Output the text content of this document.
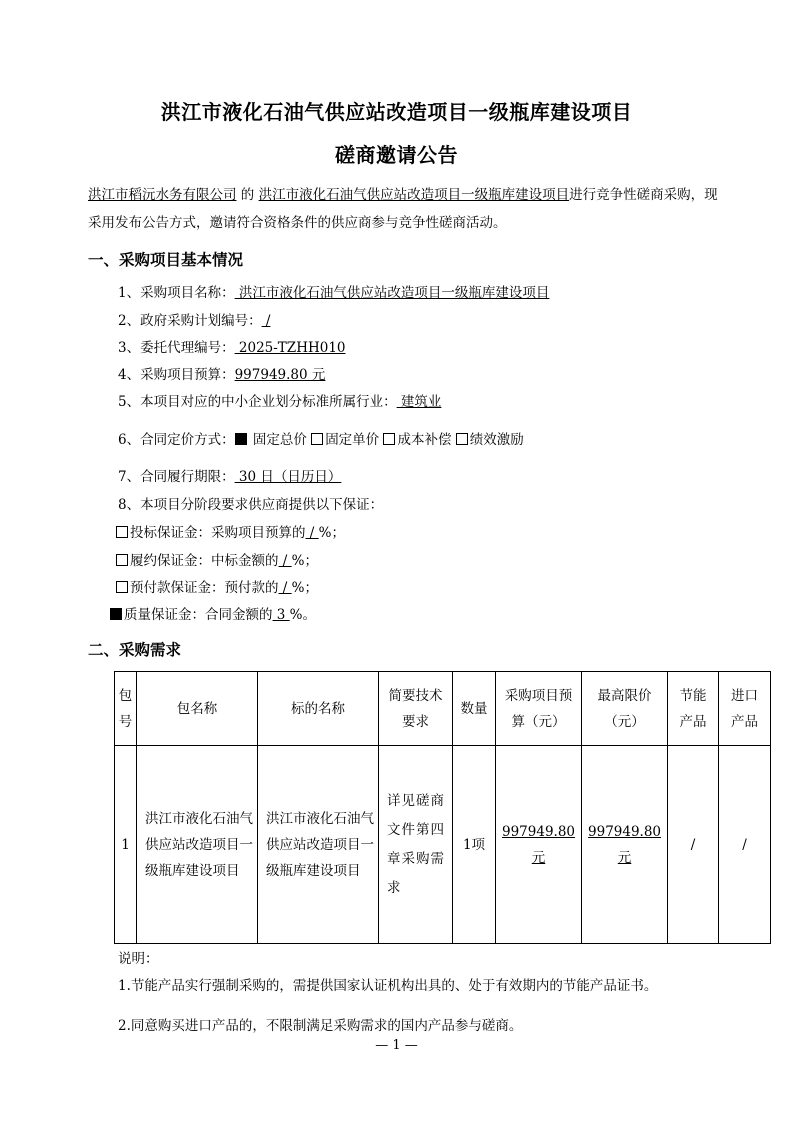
洪江市液化石油气供应站改造项目一级瓶库建设项目
磋商邀请公告
洪江市稻沅水务有限公司 的 洪江市液化石油气供应站改造项目一级瓶库建设项目进行竞争性磋商采购，现采用发布公告方式，邀请符合资格条件的供应商参与竞争性磋商活动。
一、采购项目基本情况
1、采购项目名称： 洪江市液化石油气供应站改造项目一级瓶库建设项目
2、政府采购计划编号： /
3、委托代理编号： 2025-TZHH010
4、采购项目预算：997949.80 元
5、本项目对应的中小企业划分标准所属行业： 建筑业
6、合同定价方式： 固定总价 固定单价 成本补偿 绩效激励
7、合同履行期限： 30 日（日历日）
8、本项目分阶段要求供应商提供以下保证：
投标保证金：采购项目预算的 / %；
履约保证金：中标金额的 / %；
预付款保证金：预付款的 / %；
质量保证金：合同金额的 3 %。
二、采购需求
包号	包名称	标的名称	简要技术要求	数量	采购项目预算（元）	最高限价（元）	节能产品	进口产品
1	洪江市液化石油气供应站改造项目一级瓶库建设项目	洪江市液化石油气供应站改造项目一级瓶库建设项目	详见磋商文件第四章采购需求	1项	997949.80 元	997949.80 元	/	/
说明：
1.节能产品实行强制采购的，需提供国家认证机构出具的、处于有效期内的节能产品证书。
2.同意购买进口产品的，不限制满足采购需求的国内产品参与磋商。
— 1 —
